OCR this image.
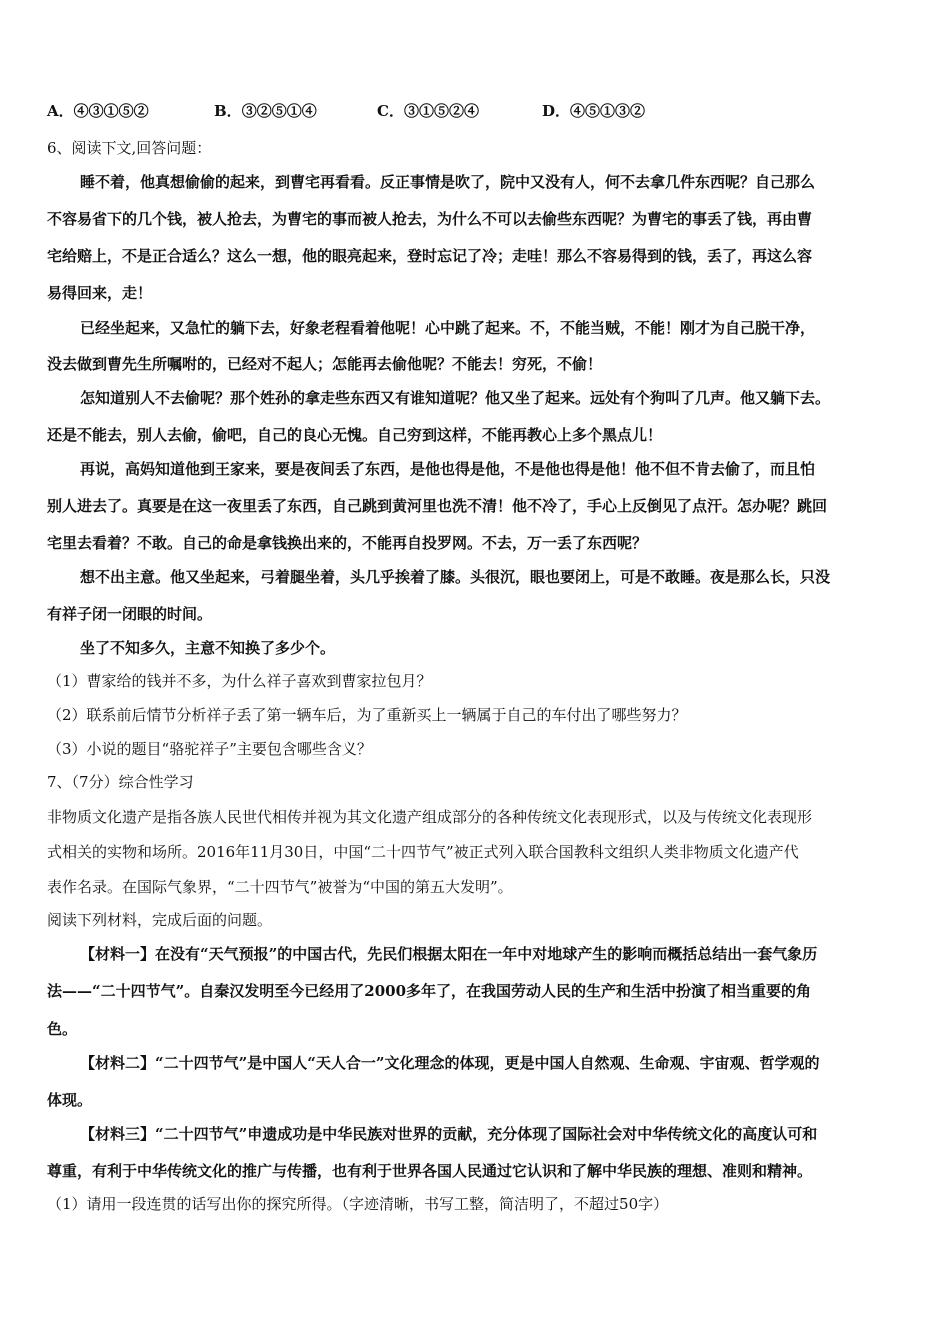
A．④③①⑤②	B．③②⑤①④	C．③①⑤②④	D．④⑤①③②
6、阅读下文,回答问题：
睡不着，他真想偷偷的起来，到曹宅再看看。反正事情是吹了，院中又没有人，何不去拿几件东西呢？自己那么
不容易省下的几个钱，被人抢去，为曹宅的事而被人抢去，为什么不可以去偷些东西呢？为曹宅的事丢了钱，再由曹
宅给赔上，不是正合适么？这么一想，他的眼亮起来，登时忘记了冷；走哇！那么不容易得到的钱，丢了，再这么容
易得回来，走！
已经坐起来，又急忙的躺下去，好象老程看着他呢！心中跳了起来。不，不能当贼，不能！刚才为自己脱干净，
没去做到曹先生所嘱咐的，已经对不起人；怎能再去偷他呢？不能去！穷死，不偷！
怎知道别人不去偷呢？那个姓孙的拿走些东西又有谁知道呢？他又坐了起来。远处有个狗叫了几声。他又躺下去。
还是不能去，别人去偷，偷吧，自己的良心无愧。自己穷到这样，不能再教心上多个黑点儿！
再说，高妈知道他到王家来，要是夜间丢了东西，是他也得是他，不是他也得是他！他不但不肯去偷了，而且怕
别人进去了。真要是在这一夜里丢了东西，自己跳到黄河里也洗不清！他不冷了，手心上反倒见了点汗。怎办呢？跳回
宅里去看着？不敢。自己的命是拿钱换出来的，不能再自投罗网。不去，万一丢了东西呢？
想不出主意。他又坐起来，弓着腿坐着，头几乎挨着了膝。头很沉，眼也要闭上，可是不敢睡。夜是那么长，只没
有祥子闭一闭眼的时间。
坐了不知多久，主意不知换了多少个。
（1）曹家给的钱并不多，为什么祥子喜欢到曹家拉包月？
（2）联系前后情节分析祥子丢了第一辆车后，为了重新买上一辆属于自己的车付出了哪些努力？
（3）小说的题目“骆驼祥子”主要包含哪些含义？
7、（7分）综合性学习
非物质文化遗产是指各族人民世代相传并视为其文化遗产组成部分的各种传统文化表现形式，以及与传统文化表现形
式相关的实物和场所。2016年11月30日，中国“二十四节气”被正式列入联合国教科文组织人类非物质文化遗产代
表作名录。在国际气象界，“二十四节气”被誉为“中国的第五大发明”。
阅读下列材料，完成后面的问题。
【材料一】在没有“天气预报”的中国古代，先民们根据太阳在一年中对地球产生的影响而概括总结出一套气象历
法——“二十四节气”。自秦汉发明至今已经用了2000多年了，在我国劳动人民的生产和生活中扮演了相当重要的角
色。
【材料二】“二十四节气”是中国人“天人合一”文化理念的体现，更是中国人自然观、生命观、宇宙观、哲学观的
体现。
【材料三】“二十四节气”申遗成功是中华民族对世界的贡献，充分体现了国际社会对中华传统文化的高度认可和
尊重，有利于中华传统文化的推广与传播，也有利于世界各国人民通过它认识和了解中华民族的理想、准则和精神。
（1）请用一段连贯的话写出你的探究所得。（字迹清晰，书写工整，简洁明了，不超过50字）
